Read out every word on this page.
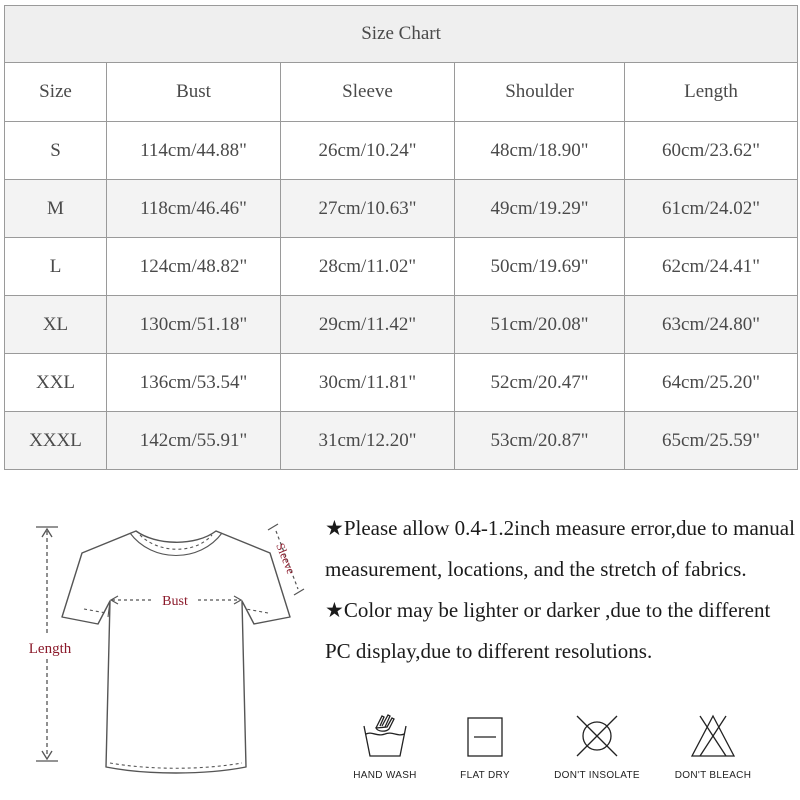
Size Chart				
Size	Bust	Sleeve	Shoulder	Length
S	114cm/44.88"	26cm/10.24"	48cm/18.90"	60cm/23.62"
M	118cm/46.46"	27cm/10.63"	49cm/19.29"	61cm/24.02"
L	124cm/48.82"	28cm/11.02"	50cm/19.69"	62cm/24.41"
XL	130cm/51.18"	29cm/11.42"	51cm/20.08"	63cm/24.80"
XXL	136cm/53.54"	30cm/11.81"	52cm/20.47"	64cm/25.20"
XXXL	142cm/55.91"	31cm/12.20"	53cm/20.87"	65cm/25.59"
Length
Bust
Sleeve

★Please allow 0.4-1.2inch measure error,due to manual measurement, locations, and the stretch of fabrics.

★Color may be lighter or darker ,due to the different PC display,due to different resolutions.

HAND WASH	FLAT DRY	DON'T INSOLATE	DON'T BLEACH
